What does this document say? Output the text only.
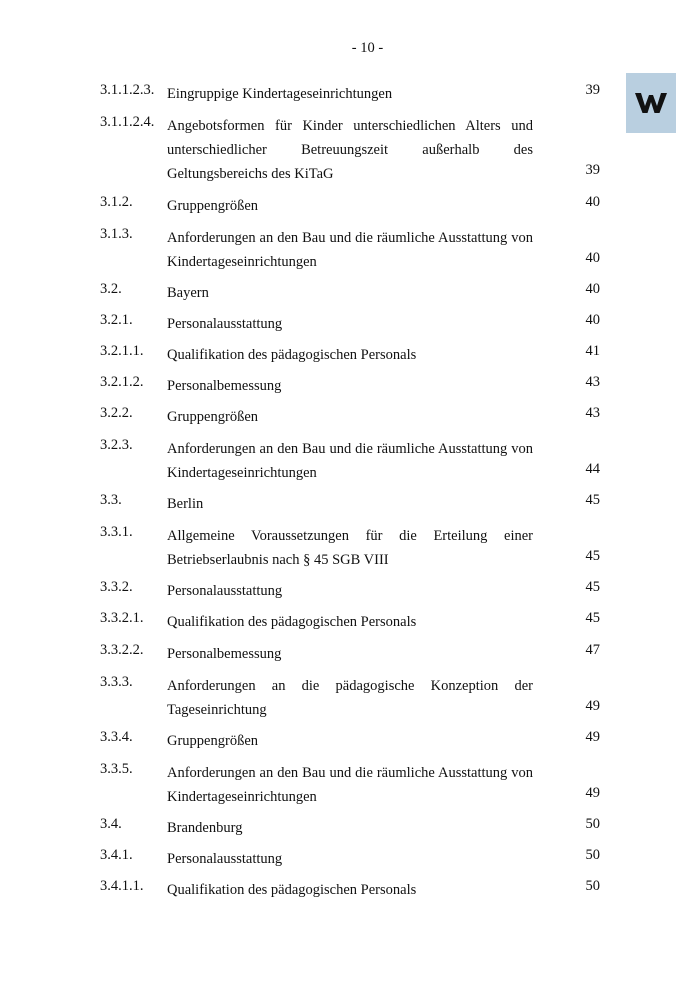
- 10 -
3.1.1.2.3. Eingruppige Kindertageseinrichtungen	39
3.1.1.2.4. Angebotsformen für Kinder unterschiedlichen Alters und
unterschiedlicher Betreuungszeit außerhalb des
Geltungsbereichs des KiTaG	39
3.1.2. Gruppengrößen	40
3.1.3. Anforderungen an den Bau und die räumliche Ausstattung von
Kindertageseinrichtungen	40
3.2.	Bayern	40
3.2.1. Personalausstattung	40
3.2.1.1. Qualifikation des pädagogischen Personals	41
3.2.1.2. Personalbemessung	43
3.2.2. Gruppengrößen	43
3.2.3. Anforderungen an den Bau und die räumliche Ausstattung von
Kindertageseinrichtungen	44
3.3.	Berlin	45
3.3.1. Allgemeine Voraussetzungen für die Erteilung einer
Betriebserlaubnis nach § 45 SGB VIII	45
3.3.2. Personalausstattung	45
3.3.2.1. Qualifikation des pädagogischen Personals	45
3.3.2.2. Personalbemessung	47
3.3.3. Anforderungen an die pädagogische Konzeption der
Tageseinrichtung	49
3.3.4. Gruppengrößen	49
3.3.5. Anforderungen an den Bau und die räumliche Ausstattung von
Kindertageseinrichtungen	49
3.4.	Brandenburg	50
3.4.1. Personalausstattung	50
3.4.1.1. Qualifikation des pädagogischen Personals	50
